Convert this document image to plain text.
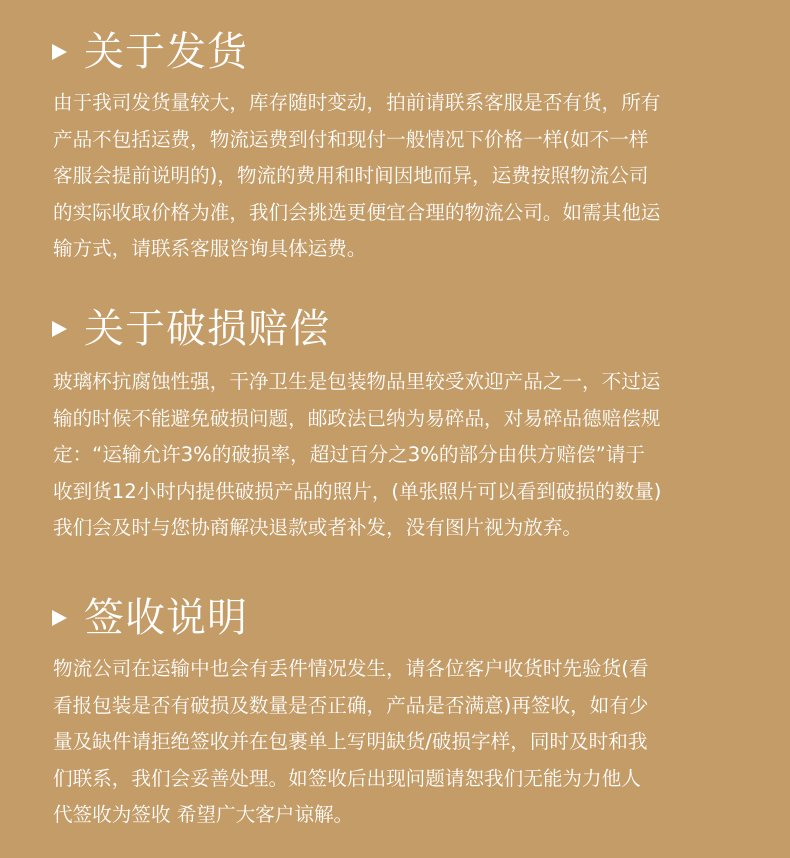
关于发货
由于我司发货量较大，库存随时变动，拍前请联系客服是否有货，所有
产品不包括运费，物流运费到付和现付一般情况下价格一样(如不一样
客服会提前说明的)，物流的费用和时间因地而异，运费按照物流公司
的实际收取价格为准，我们会挑选更便宜合理的物流公司。如需其他运
输方式，请联系客服咨询具体运费。
关于破损赔偿
玻璃杯抗腐蚀性强，干净卫生是包装物品里较受欢迎产品之一，不过运
输的时候不能避免破损问题，邮政法已纳为易碎品，对易碎品德赔偿规
定：“运输允许3%的破损率，超过百分之3%的部分由供方赔偿”请于
收到货12小时内提供破损产品的照片，(单张照片可以看到破损的数量)
我们会及时与您协商解决退款或者补发，没有图片视为放弃。
签收说明
物流公司在运输中也会有丢件情况发生，请各位客户收货时先验货(看
看报包装是否有破损及数量是否正确，产品是否满意)再签收，如有少
量及缺件请拒绝签收并在包裹单上写明缺货/破损字样，同时及时和我
们联系，我们会妥善处理。如签收后出现问题请恕我们无能为力他人
代签收为签收 希望广大客户谅解。
